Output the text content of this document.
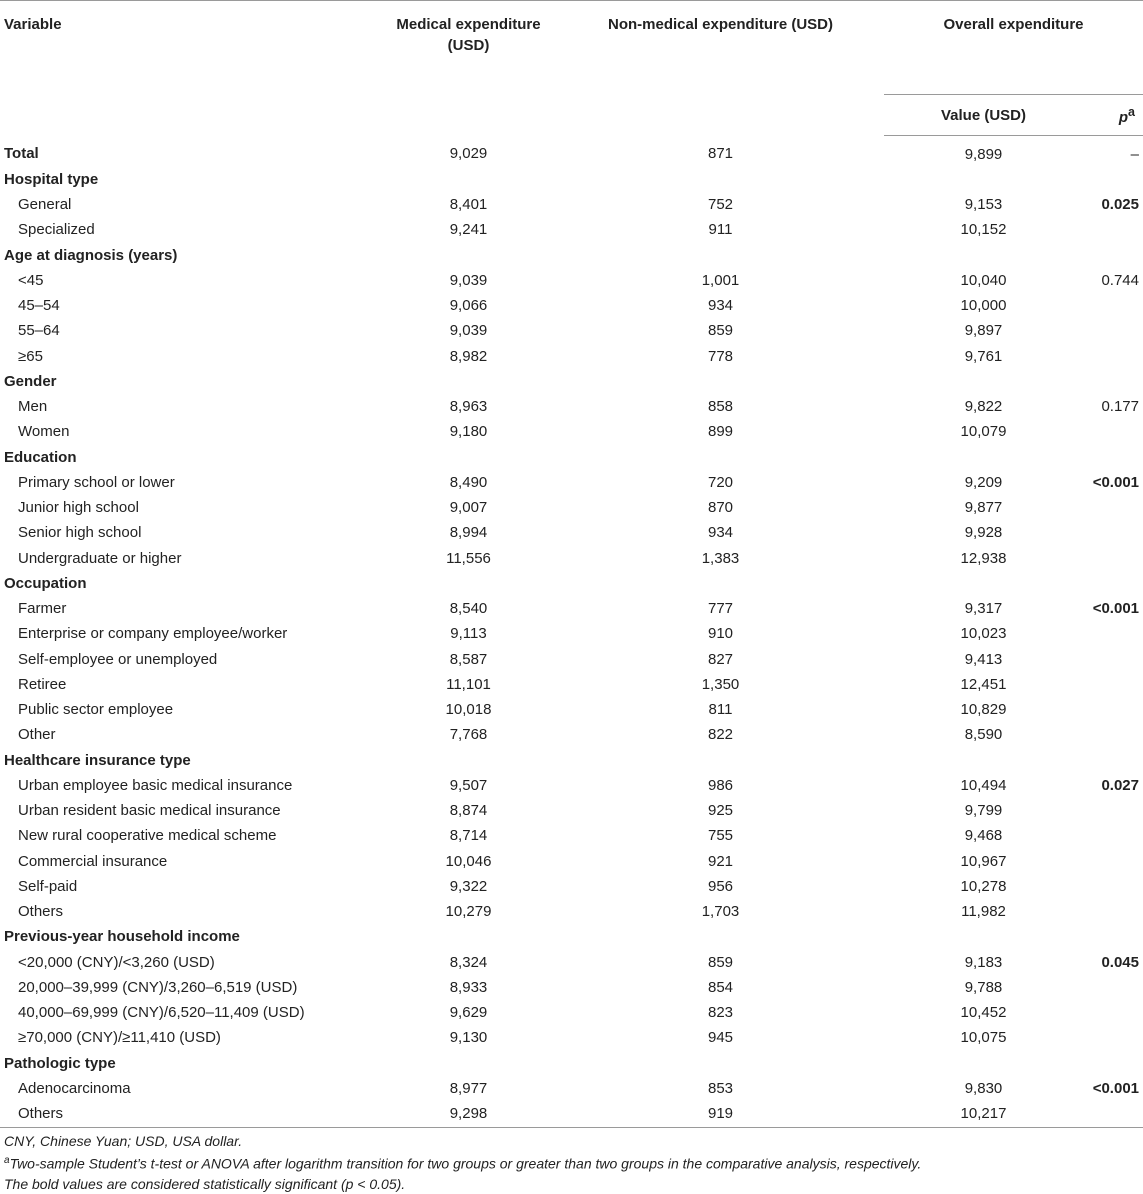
Variable	Medical expenditure (USD)	Non-medical expenditure (USD)	Overall expenditure	
			Value (USD)	$p^a$
Total	9,029	871	9,899	–
Hospital type				
General	8,401	752	9,153	0.025
Specialized	9,241	911	10,152	
Age at diagnosis (years)				
<45	9,039	1,001	10,040	0.744
45–54	9,066	934	10,000	
55–64	9,039	859	9,897	
≥65	8,982	778	9,761	
Gender				
Men	8,963	858	9,822	0.177
Women	9,180	899	10,079	
Education				
Primary school or lower	8,490	720	9,209	<0.001
Junior high school	9,007	870	9,877	
Senior high school	8,994	934	9,928	
Undergraduate or higher	11,556	1,383	12,938	
Occupation				
Farmer	8,540	777	9,317	<0.001
Enterprise or company employee/worker	9,113	910	10,023	
Self-employee or unemployed	8,587	827	9,413	
Retiree	11,101	1,350	12,451	
Public sector employee	10,018	811	10,829	
Other	7,768	822	8,590	
Healthcare insurance type				
Urban employee basic medical insurance	9,507	986	10,494	0.027
Urban resident basic medical insurance	8,874	925	9,799	
New rural cooperative medical scheme	8,714	755	9,468	
Commercial insurance	10,046	921	10,967	
Self-paid	9,322	956	10,278	
Others	10,279	1,703	11,982	
Previous-year household income				
<20,000 (CNY)/<3,260 (USD)	8,324	859	9,183	0.045
20,000–39,999 (CNY)/3,260–6,519 (USD)	8,933	854	9,788	
40,000–69,999 (CNY)/6,520–11,409 (USD)	9,629	823	10,452	
≥70,000 (CNY)/≥11,410 (USD)	9,130	945	10,075	
Pathologic type				
Adenocarcinoma	8,977	853	9,830	<0.001
Others	9,298	919	10,217	
CNY, Chinese Yuan; USD, USA dollar.
$^a$Two-sample Student’s t-test or ANOVA after logarithm transition for two groups or greater than two groups in the comparative analysis, respectively.
The bold values are considered statistically significant (p < 0.05).
